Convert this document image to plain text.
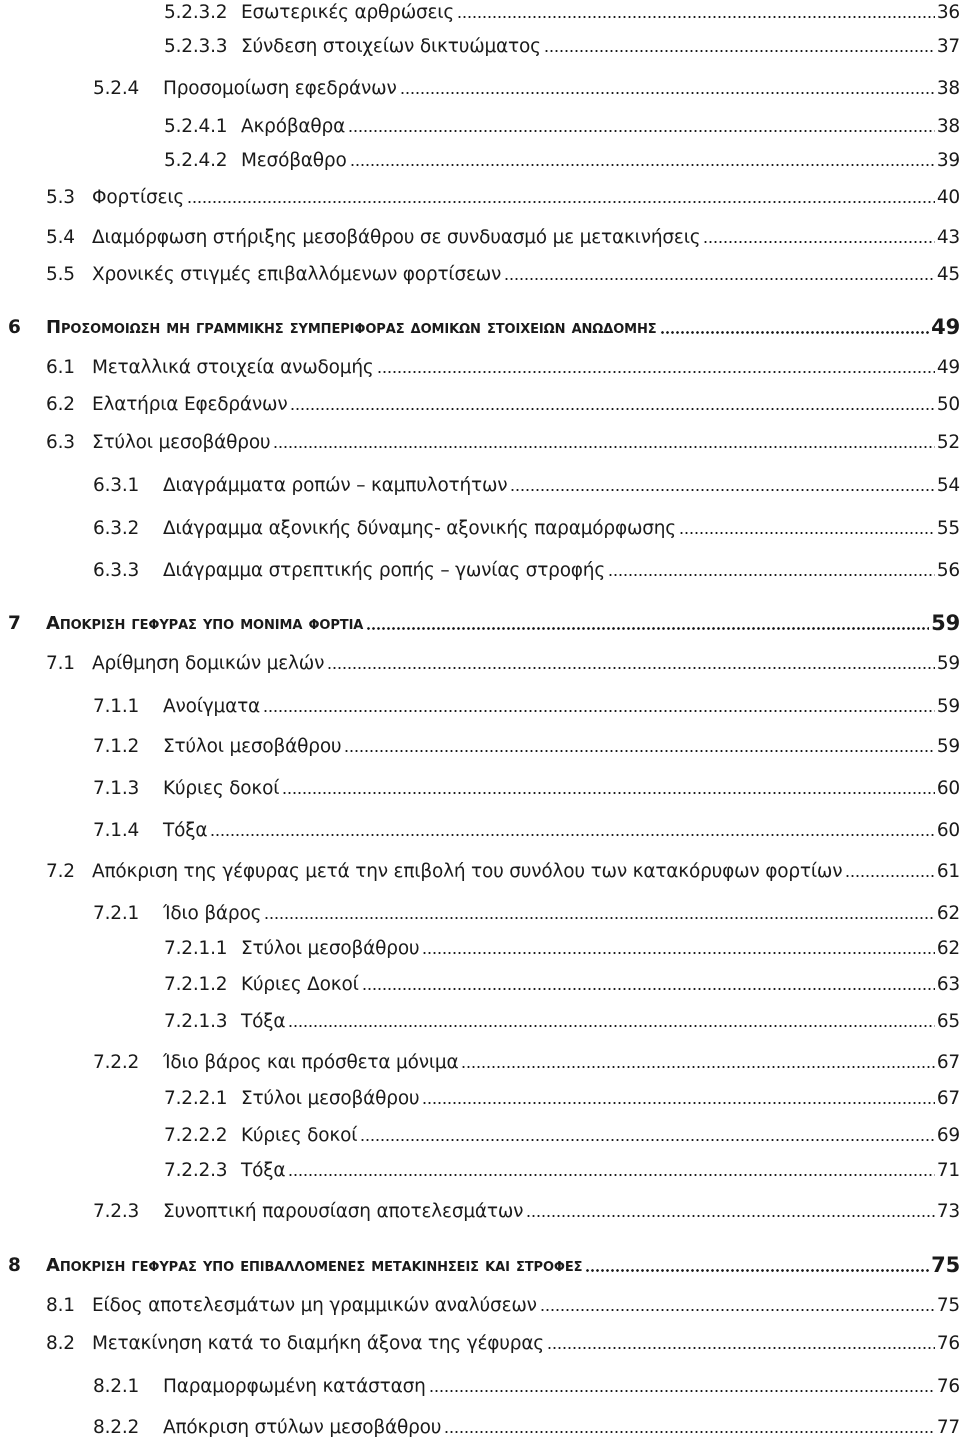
5.2.3.2 Εσωτερικές αρθρώσεις	36
5.2.3.3 Σύνδεση στοιχείων δικτυώματος	37
5.2.4	Προσομοίωση εφεδράνων	38
5.2.4.1 Ακρόβαθρα	38
5.2.4.2 Μεσόβαθρο	39
5.3 Φορτίσεις	40
5.4 Διαμόρφωση στήριξης μεσοβάθρου σε συνδυασμό με μετακινήσεις	43
5.5 Χρονικές στιγμές επιβαλλόμενων φορτίσεων	45
6	Προσομοιωση μη γραμμικης συμπεριφορας δομικων στοιχειων ανωδομης	49
6.1 Μεταλλικά στοιχεία ανωδομής	49
6.2 Ελατήρια Εφεδράνων	50
6.3 Στύλοι μεσοβάθρου	52
6.3.1	Διαγράμματα ροπών – καμπυλοτήτων	54
6.3.2	Διάγραμμα αξονικής δύναμης- αξονικής παραμόρφωσης	55
6.3.3	Διάγραμμα στρεπτικής ροπής – γωνίας στροφής	56
7	Αποκριση γεφυρας υπο μονιμα φορτια	59
7.1 Αρίθμηση δομικών μελών	59
7.1.1	Ανοίγματα	59
7.1.2	Στύλοι μεσοβάθρου	59
7.1.3	Κύριες δοκοί	60
7.1.4	Τόξα	60
7.2 Απόκριση της γέφυρας μετά την επιβολή του συνόλου των κατακόρυφων φορτίων	61
7.2.1	Ίδιο βάρος	62
7.2.1.1 Στύλοι μεσοβάθρου	62
7.2.1.2 Κύριες Δοκοί	63
7.2.1.3 Τόξα	65
7.2.2	Ίδιο βάρος και πρόσθετα μόνιμα	67
7.2.2.1 Στύλοι μεσοβάθρου	67
7.2.2.2 Κύριες δοκοί	69
7.2.2.3 Τόξα	71
7.2.3	Συνοπτική παρουσίαση αποτελεσμάτων	73
8	Αποκριση γεφυρας υπο επιβαλλομενες μετακινησεις και στροφες	75
8.1 Είδος αποτελεσμάτων μη γραμμικών αναλύσεων	75
8.2 Μετακίνηση κατά το διαμήκη άξονα της γέφυρας	76
8.2.1	Παραμορφωμένη κατάσταση	76
8.2.2	Απόκριση στύλων μεσοβάθρου	77
